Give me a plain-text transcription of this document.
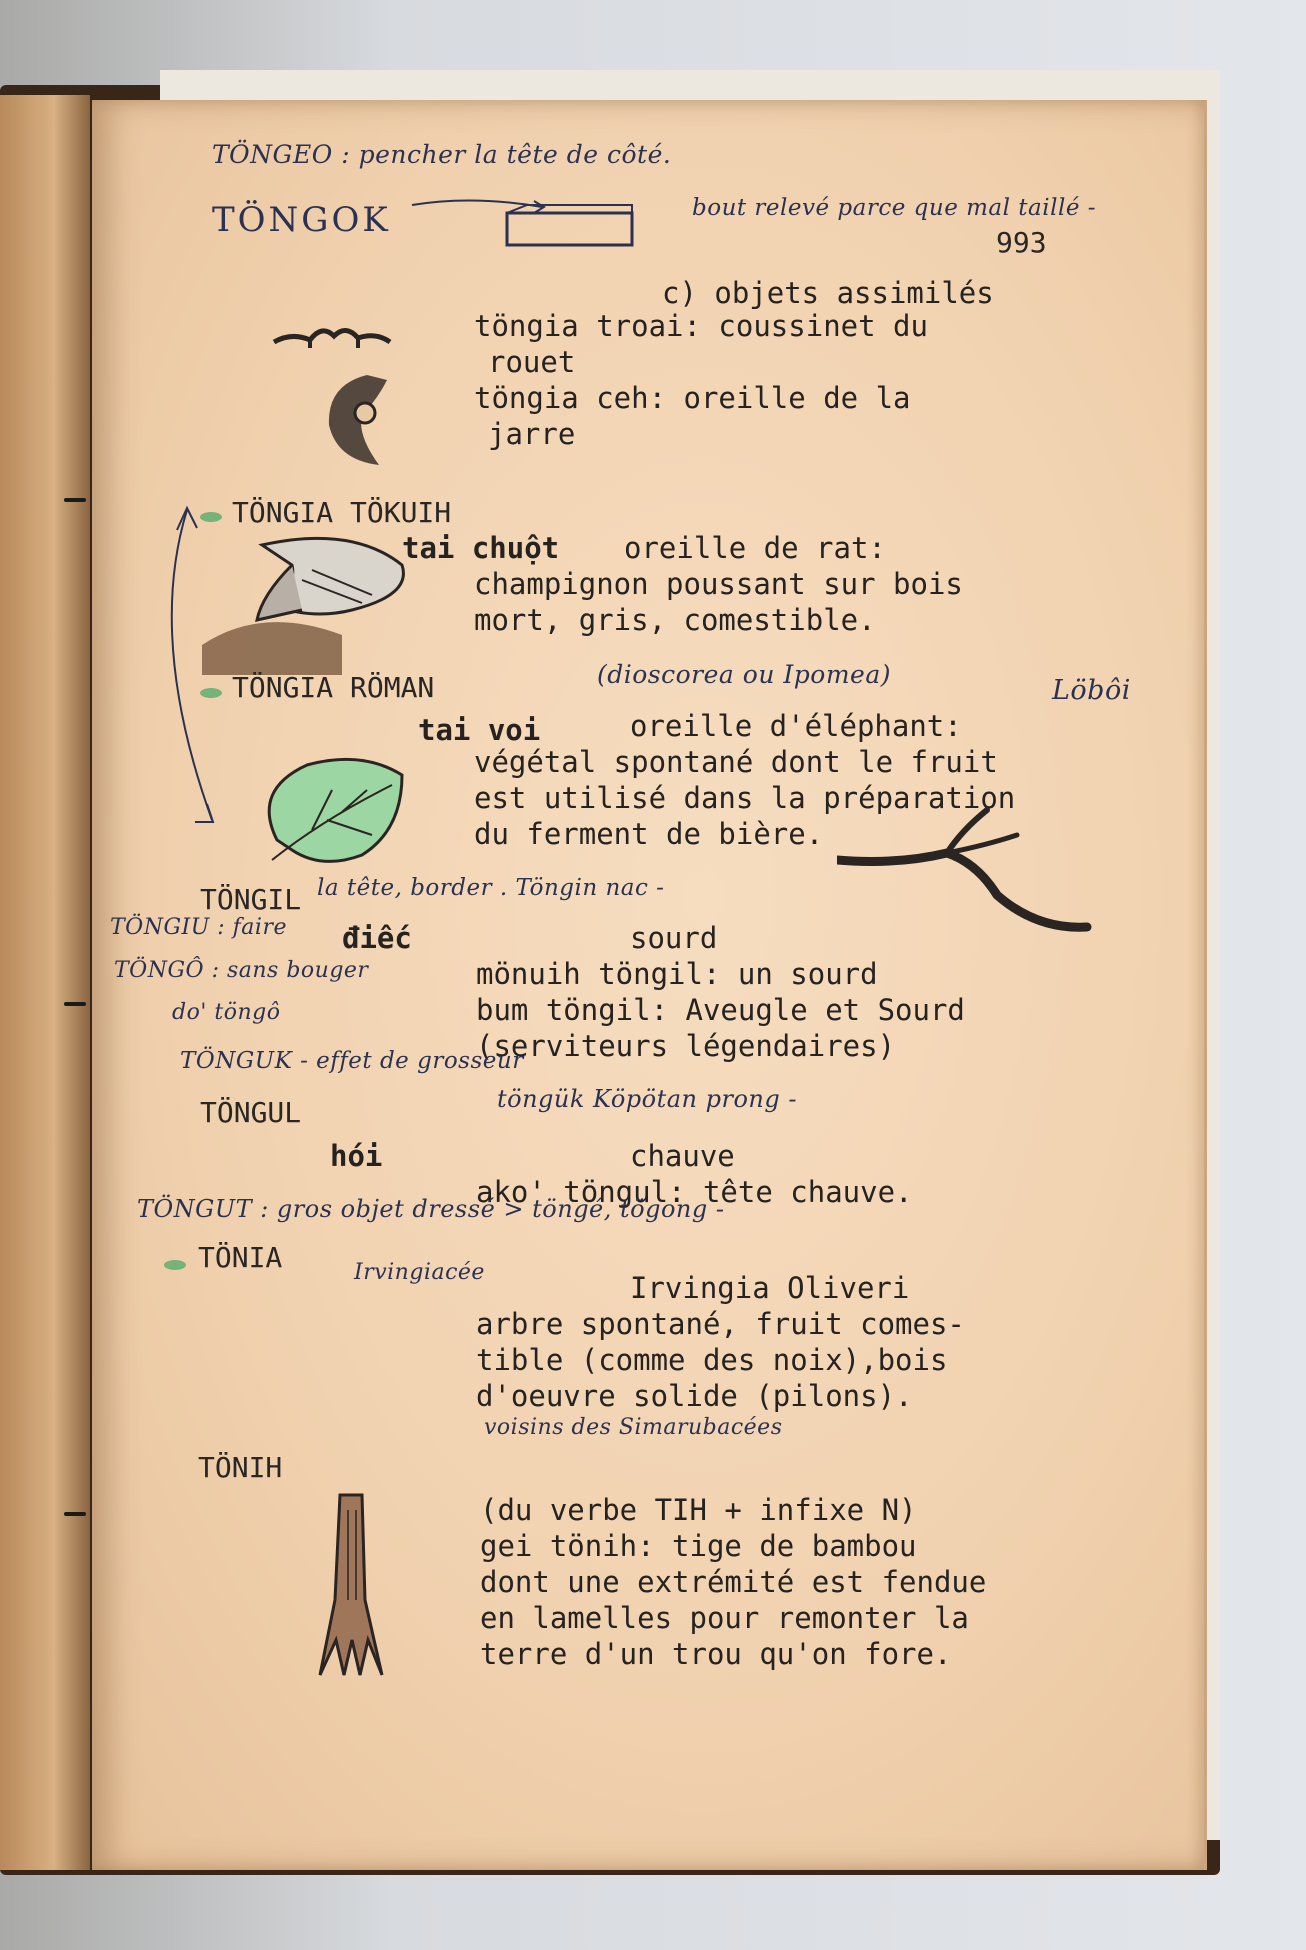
TÖNGEO : pencher la tête de côté.
TÖNGOK	bout relevé parce que mal taillé -
993
c) objets assimilés
töngia troai: coussinet du
rouet
töngia ceh: oreille de la
jarre
TÖNGIA TÖKUIH
tai chuột oreille de rat:
champignon poussant sur bois
mort, gris, comestible.
TÖNGIA RÖMAN	(dioscorea ou Ipomea)
Löbôi
tai voi	oreille d'éléphant:
végétal spontané dont le fruit
est utilisé dans la préparation
du ferment de bière.
TÖNGIL la tête, border . Töngin nac -
TÖNGIU : faire điếc	sourd
TÖNGÔ : sans bouger	mönuih töngil: un sourd
do' töngô	bum töngil: Aveugle et Sourd
(serviteurs légendaires)
TÖNGUK - effet de grosseur
TÖNGUL	töngük Köpötan prong -
hói	chauve
ako' töngul: tête chauve.
TÖNGUT : gros objet dressé > töngé, tögong -
TÖNIA	Irvingiacée	Irvingia Oliveri
arbre spontané, fruit comes-
tible (comme des noix),bois
d'oeuvre solide (pilons).
voisins des Simarubacées
TÖNIH
(du verbe TIH + infixe N)
gei tönih: tige de bambou
dont une extrémité est fendue
en lamelles pour remonter la
terre d'un trou qu'on fore.
